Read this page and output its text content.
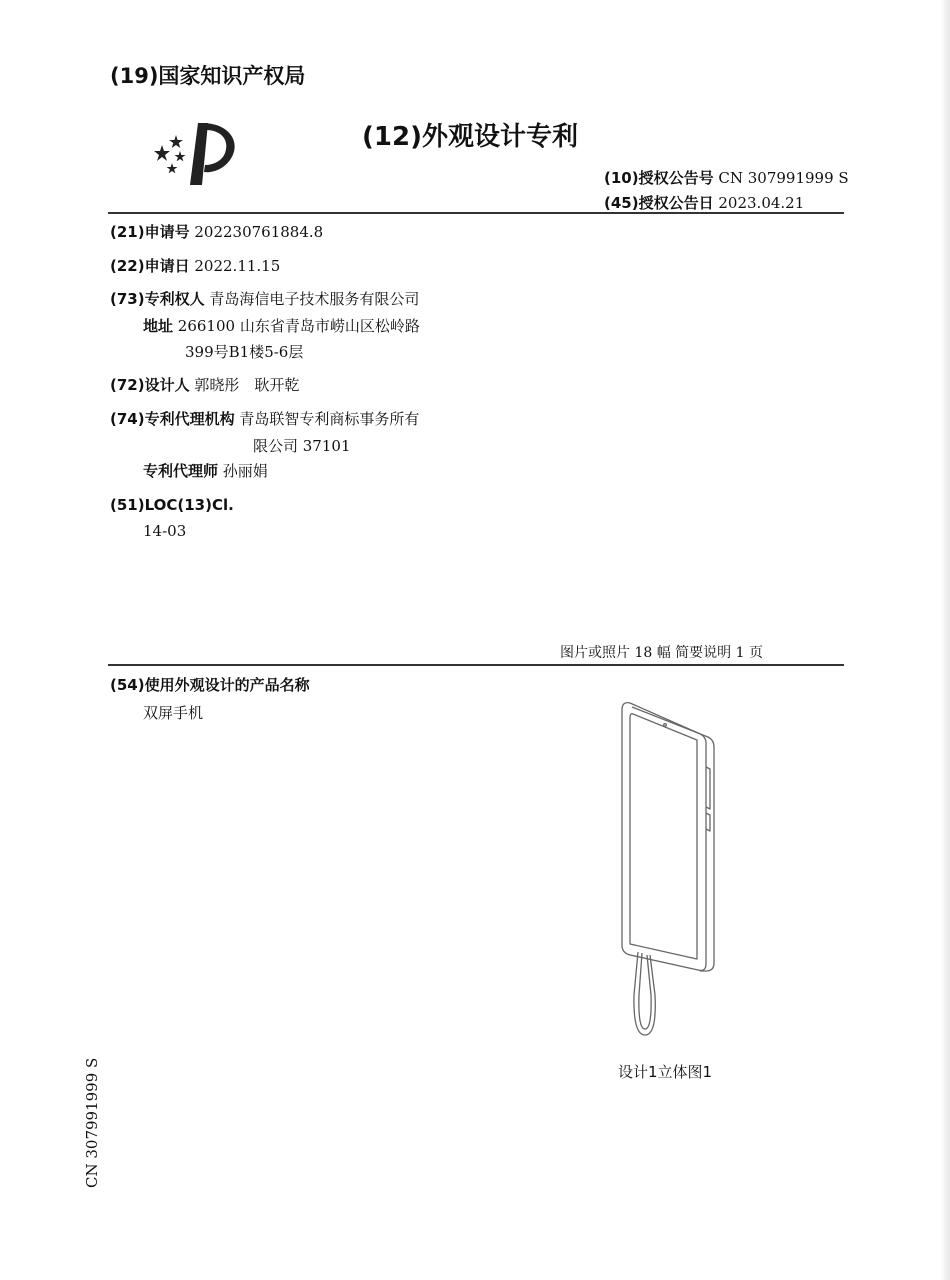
(19)国家知识产权局
(12)外观设计专利
(10)授权公告号 CN 307991999 S
(45)授权公告日 2023.04.21
(21)申请号 202230761884.8
(22)申请日 2022.11.15
(73)专利权人 青岛海信电子技术服务有限公司
地址 266100 山东省青岛市崂山区松岭路
399号B1楼5-6层
(72)设计人 郭晓彤　耿开乾
(74)专利代理机构 青岛联智专利商标事务所有
限公司 37101
专利代理师 孙丽娟
(51)LOC(13)Cl.
14-03
图片或照片 18 幅 简要说明 1 页
(54)使用外观设计的产品名称
双屏手机
设计1立体图1
CN 307991999 S
